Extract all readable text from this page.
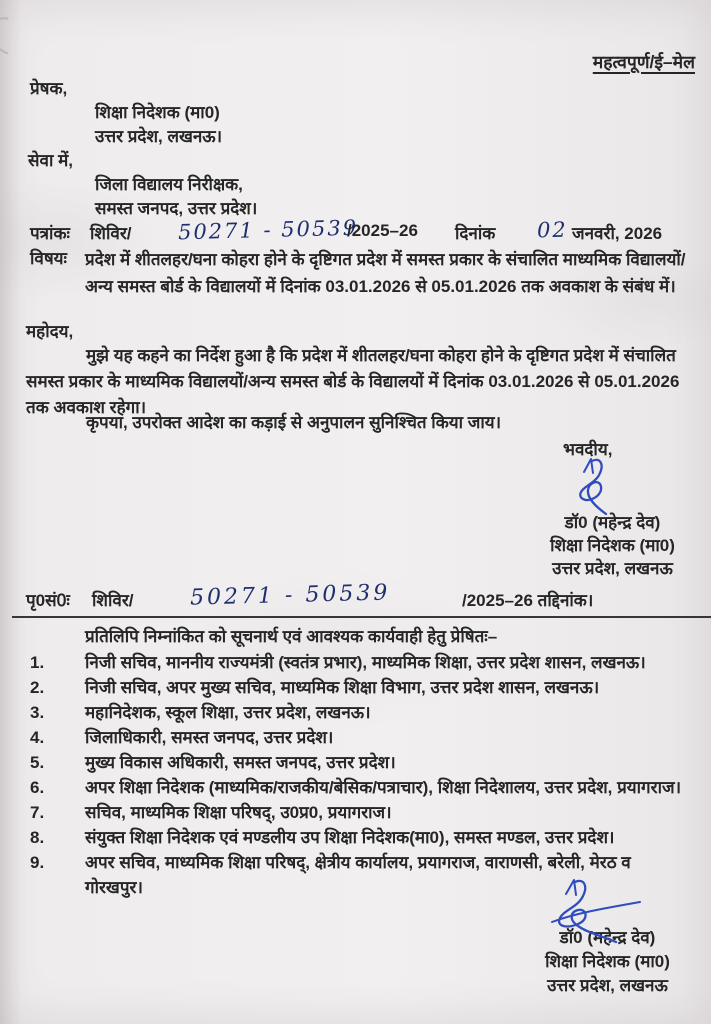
महत्वपूर्ण/ई–मेल
प्रेषक,
शिक्षा निदेशक (मा0)
उत्तर प्रदेश, लखनऊ।
सेवा में,
जिला विद्यालय निरीक्षक,
समस्त जनपद, उत्तर प्रदेश।
पत्रांकः शिविर/ 50271 - 50539
/2025–26 दिनांक 02 जनवरी, 2026
विषयः प्रदेश में शीतलहर/घना कोहरा होने के दृष्टिगत प्रदेश में समस्त प्रकार के संचालित माध्यमिक विद्यालयों/अन्य समस्त बोर्ड के विद्यालयों में दिनांक 03.01.2026 से 05.01.2026 तक अवकाश के संबंध में।
महोदय,
मुझे यह कहने का निर्देश हुआ है कि प्रदेश में शीतलहर/घना कोहरा होने के दृष्टिगत प्रदेश में संचालित समस्त प्रकार के माध्यमिक विद्यालयों/अन्य समस्त बोर्ड के विद्यालयों में दिनांक 03.01.2026 से 05.01.2026 तक अवकाश रहेगा।
कृपया, उपरोक्त आदेश का कड़ाई से अनुपालन सुनिश्चित किया जाय।
भवदीय,
डॉ0 (महेन्द्र देव)
शिक्षा निदेशक (मा0)
उत्तर प्रदेश, लखनऊ
पृ0सं0ः शिविर/	50271 - 50539	/2025–26 तद्दिनांक।
प्रतिलिपि निम्नांकित को सूचनार्थ एवं आवश्यक कार्यवाही हेतु प्रेषितः–
1.	निजी सचिव, माननीय राज्यमंत्री (स्वतंत्र प्रभार), माध्यमिक शिक्षा, उत्तर प्रदेश शासन, लखनऊ।
2.	निजी सचिव, अपर मुख्य सचिव, माध्यमिक शिक्षा विभाग, उत्तर प्रदेश शासन, लखनऊ।
3.	महानिदेशक, स्कूल शिक्षा, उत्तर प्रदेश, लखनऊ।
4.	जिलाधिकारी, समस्त जनपद, उत्तर प्रदेश।
5.	मुख्य विकास अधिकारी, समस्त जनपद, उत्तर प्रदेश।
6.	अपर शिक्षा निदेशक (माध्यमिक/राजकीय/बेसिक/पत्राचार), शिक्षा निदेशालय, उत्तर प्रदेश, प्रयागराज।
7.	सचिव, माध्यमिक शिक्षा परिषद्, उ0प्र0, प्रयागराज।
8.	संयुक्त शिक्षा निदेशक एवं मण्डलीय उप शिक्षा निदेशक(मा0), समस्त मण्डल, उत्तर प्रदेश।
9.	अपर सचिव, माध्यमिक शिक्षा परिषद्, क्षेत्रीय कार्यालय, प्रयागराज, वाराणसी, बरेली, मेरठ व गोरखपुर।
डॉ0 (महेन्द्र देव)
शिक्षा निदेशक (मा0)
उत्तर प्रदेश, लखनऊ
